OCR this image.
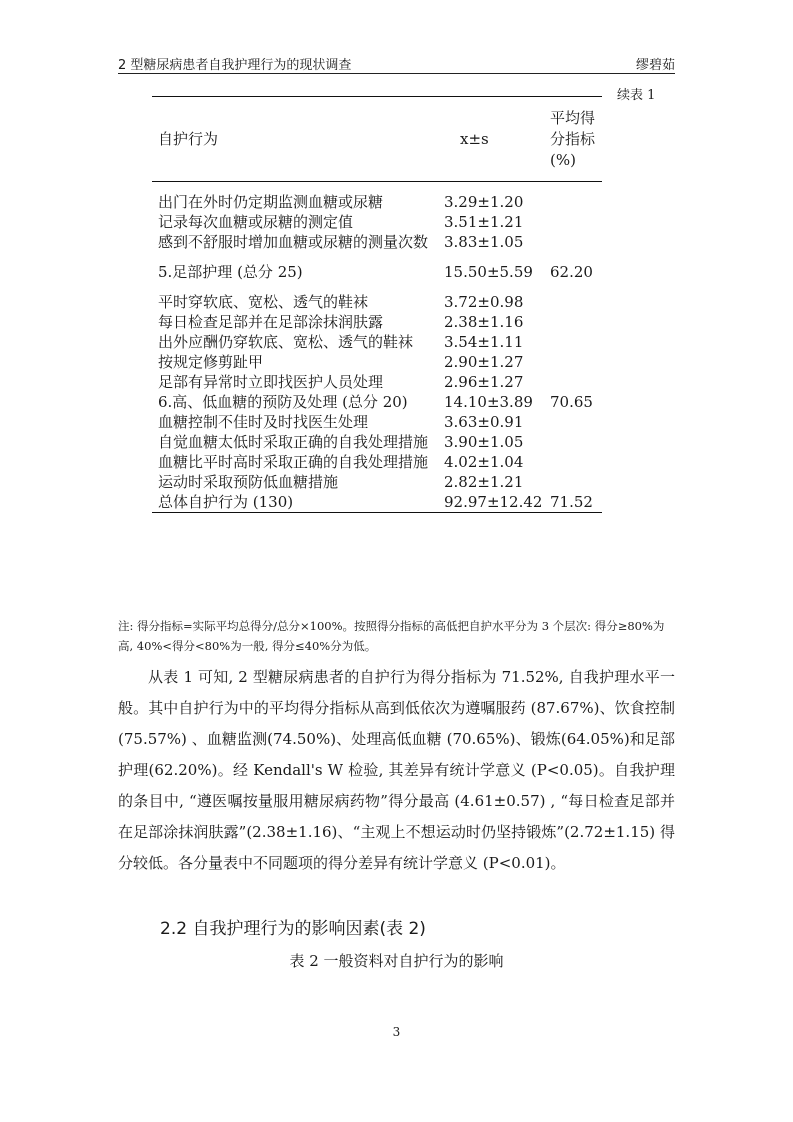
2 型糖尿病患者自我护理行为的现状调查	缪碧茹
续表 1
自护行为	x±s	平均得分指标(%)

出门在外时仍定期监测血糖或尿糖	3.29±1.20	
记录每次血糖或尿糖的测定值	3.51±1.21	
感到不舒服时增加血糖或尿糖的测量次数	3.83±1.05	

5.足部护理 (总分 25)	15.50±5.59	62.20

平时穿软底、宽松、透气的鞋袜	3.72±0.98	
每日检查足部并在足部涂抹润肤露	2.38±1.16	
出外应酬仍穿软底、宽松、透气的鞋袜	3.54±1.11	
按规定修剪趾甲	2.90±1.27	
足部有异常时立即找医护人员处理	2.96±1.27	
6.高、低血糖的预防及处理 (总分 20)	14.10±3.89	70.65
血糖控制不佳时及时找医生处理	3.63±0.91	
自觉血糖太低时采取正确的自我处理措施	3.90±1.05	
血糖比平时高时采取正确的自我处理措施	4.02±1.04	
运动时采取预防低血糖措施	2.82±1.21	
总体自护行为 (130)	92.97±12.42	71.52
注: 得分指标=实际平均总得分/总分×100%。按照得分指标的高低把自护水平分为 3 个层次: 得分≥80%为高, 40%<得分<80%为一般, 得分≤40%分为低。
从表 1 可知, 2 型糖尿病患者的自护行为得分指标为 71.52%, 自我护理水平一般。其中自护行为中的平均得分指标从高到低依次为遵嘱服药 (87.67%)、饮食控制(75.57%) 、血糖监测(74.50%)、处理高低血糖 (70.65%)、锻炼(64.05%)和足部护理(62.20%)。经 Kendall's W 检验, 其差异有统计学意义 (P<0.05)。自我护理的条目中, “遵医嘱按量服用糖尿病药物”得分最高 (4.61±0.57) , “每日检查足部并在足部涂抹润肤露”(2.38±1.16)、“主观上不想运动时仍坚持锻炼”(2.72±1.15) 得分较低。各分量表中不同题项的得分差异有统计学意义 (P<0.01)。
2.2 自我护理行为的影响因素(表 2)
表 2 一般资料对自护行为的影响
3
